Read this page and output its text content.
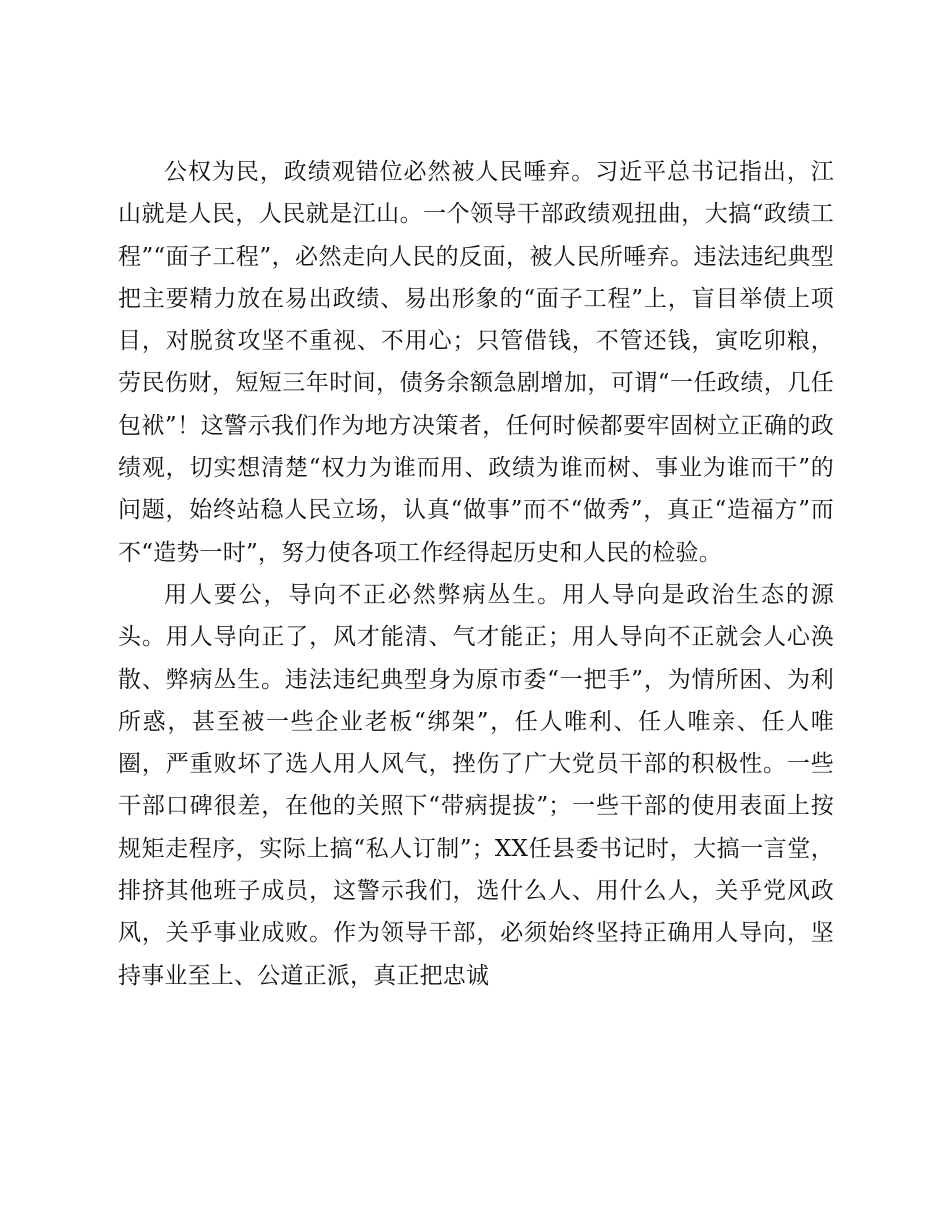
公权为民，政绩观错位必然被人民唾弃。习近平总书记指出，江山就是人民，人民就是江山。一个领导干部政绩观扭曲，大搞“政绩工程”“面子工程”，必然走向人民的反面，被人民所唾弃。违法违纪典型把主要精力放在易出政绩、易出形象的“面子工程”上，盲目举债上项目，对脱贫攻坚不重视、不用心；只管借钱，不管还钱，寅吃卯粮，劳民伤财，短短三年时间，债务余额急剧增加，可谓“一任政绩，几任包袱”！这警示我们作为地方决策者，任何时候都要牢固树立正确的政绩观，切实想清楚“权力为谁而用、政绩为谁而树、事业为谁而干”的问题，始终站稳人民立场，认真“做事”而不“做秀”，真正“造福方”而不“造势一时”，努力使各项工作经得起历史和人民的检验。

用人要公，导向不正必然弊病丛生。用人导向是政治生态的源头。用人导向正了，风才能清、气才能正；用人导向不正就会人心涣散、弊病丛生。违法违纪典型身为原市委“一把手”，为情所困、为利所惑，甚至被一些企业老板“绑架”，任人唯利、任人唯亲、任人唯圈，严重败坏了选人用人风气，挫伤了广大党员干部的积极性。一些干部口碑很差，在他的关照下“带病提拔”；一些干部的使用表面上按规矩走程序，实际上搞“私人订制”；XX任县委书记时，大搞一言堂，排挤其他班子成员，这警示我们，选什么人、用什么人，关乎党风政风，关乎事业成败。作为领导干部，必须始终坚持正确用人导向，坚持事业至上、公道正派，真正把忠诚
